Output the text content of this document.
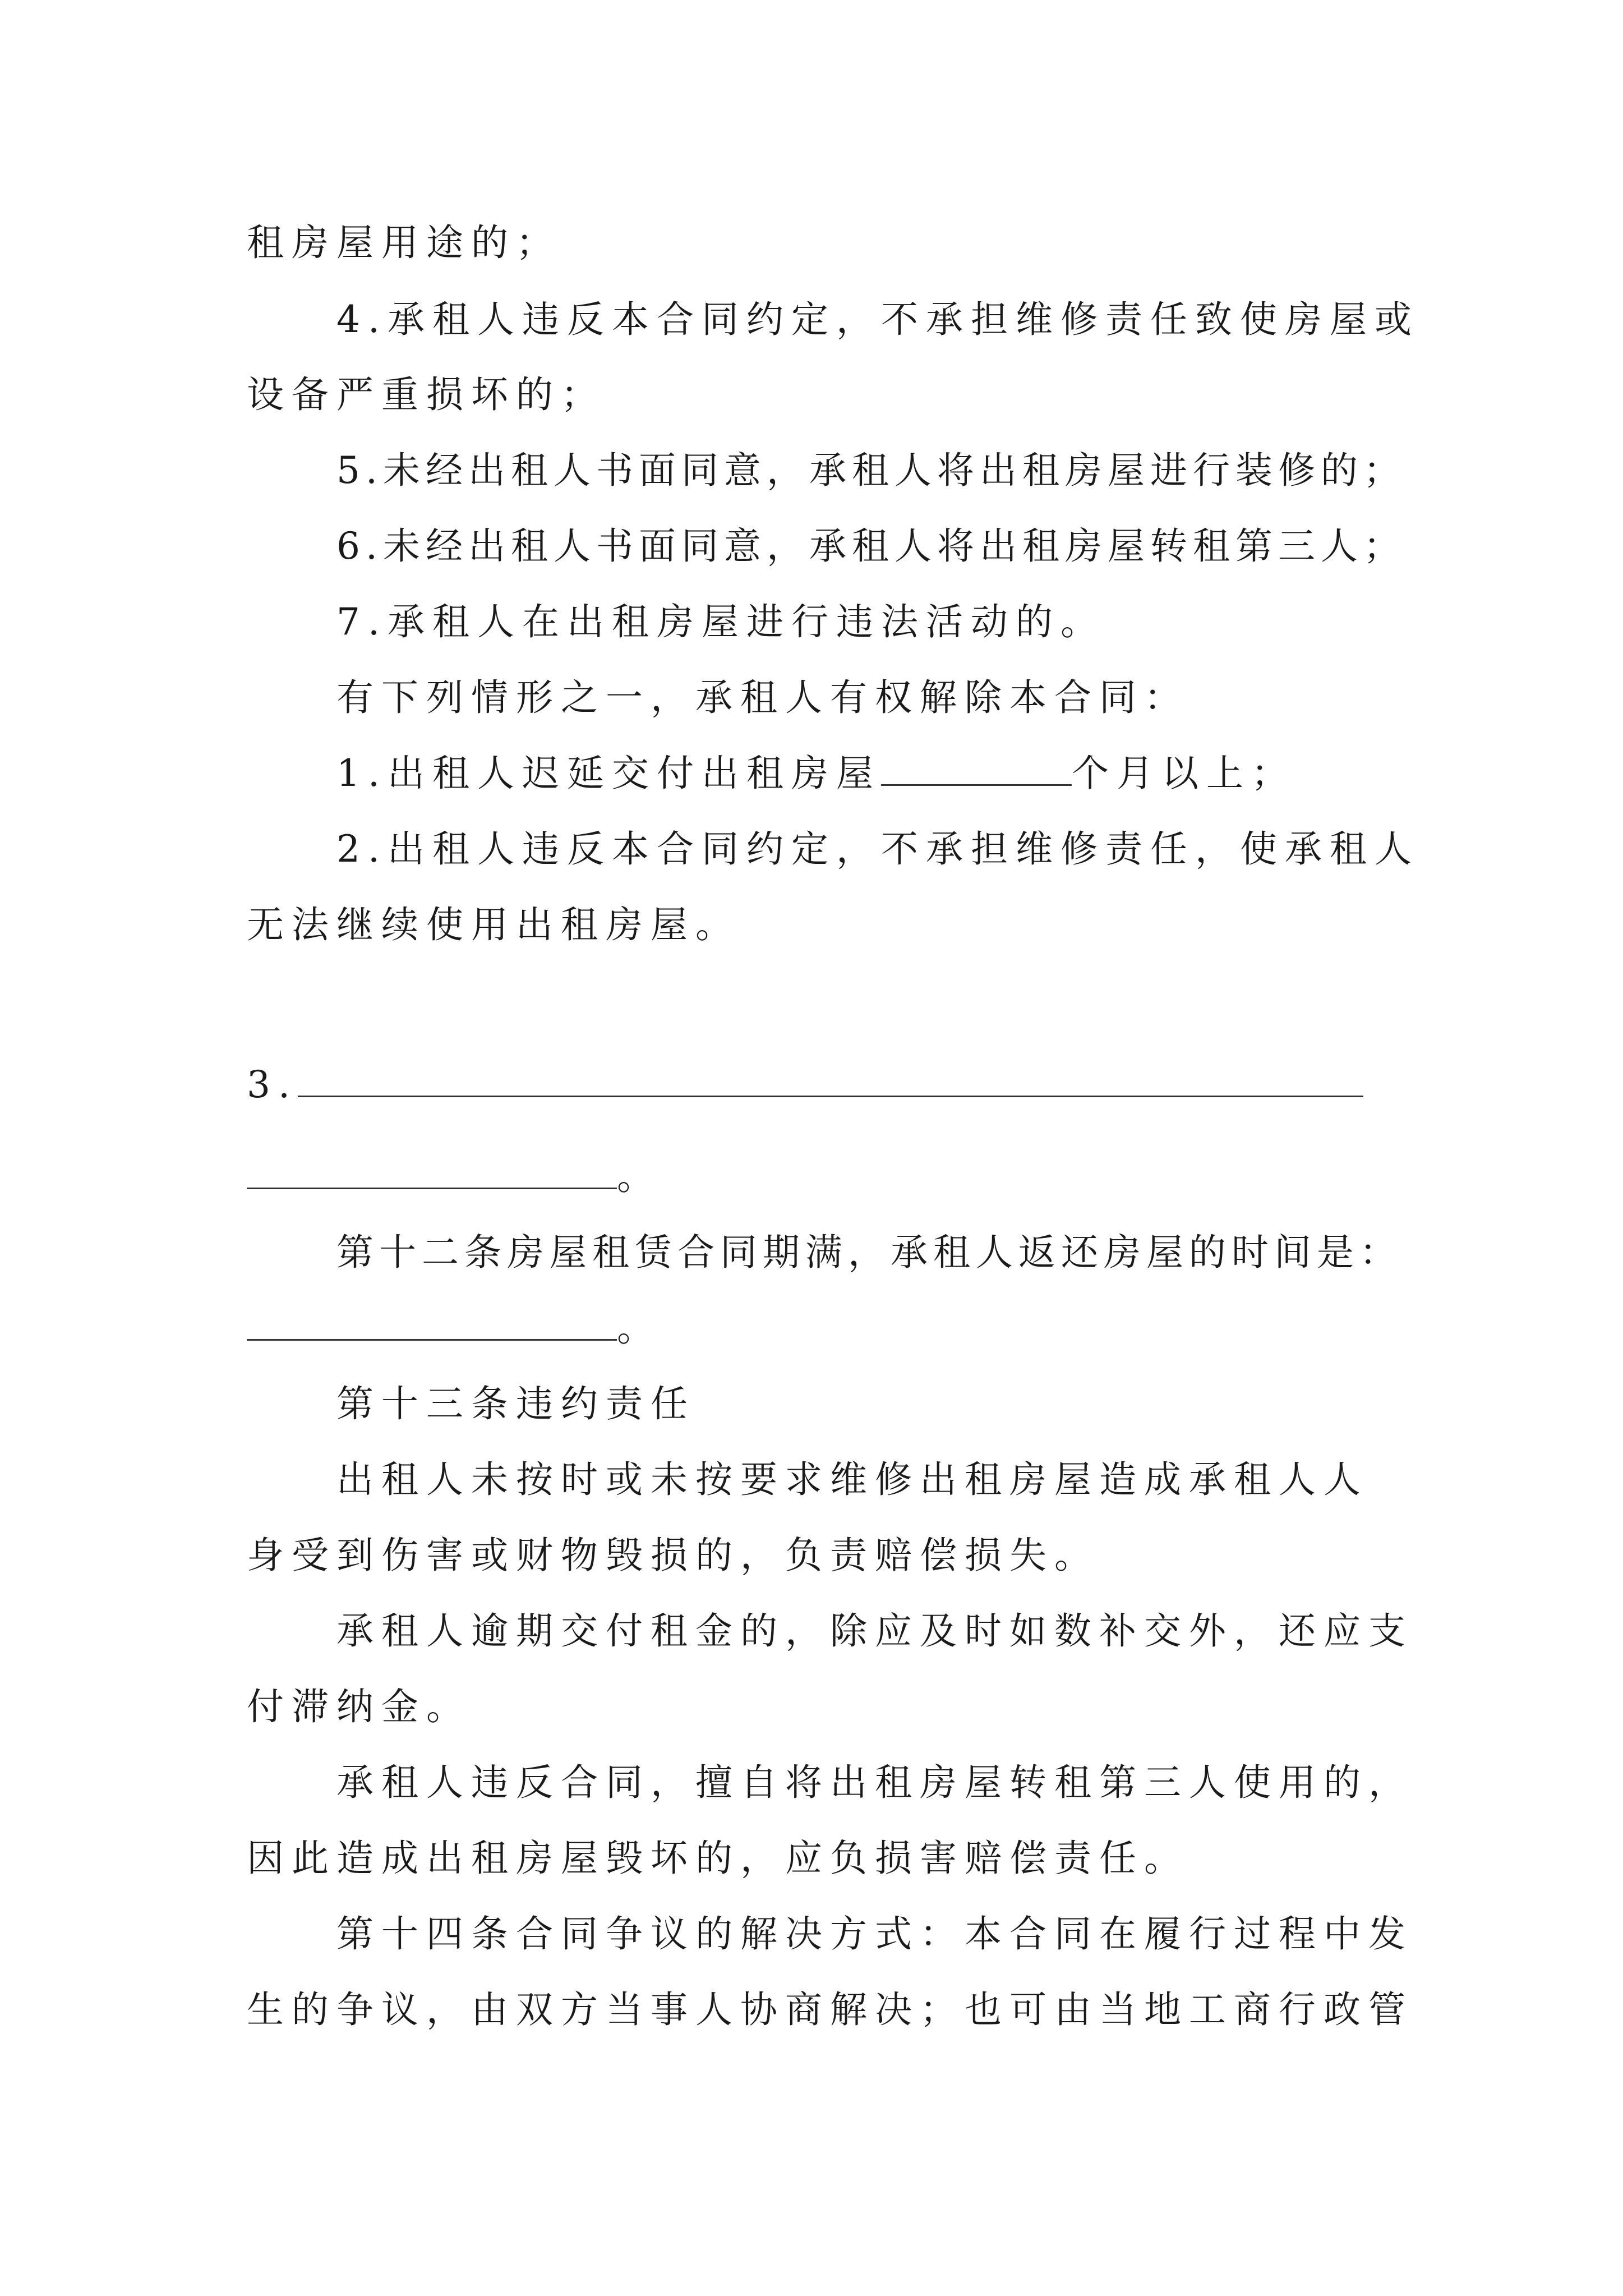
租房屋用途的；
4.承租人违反本合同约定，不承担维修责任致使房屋或
设备严重损坏的；
5.未经出租人书面同意，承租人将出租房屋进行装修的；
6.未经出租人书面同意，承租人将出租房屋转租第三人；
7.承租人在出租房屋进行违法活动的。
有下列情形之一，承租人有权解除本合同：
1.出租人迟延交付出租房屋	个月以上；
2.出租人违反本合同约定，不承担维修责任，使承租人
无法继续使用出租房屋。
3.
。
第十二条房屋租赁合同期满，承租人返还房屋的时间是：
。
第十三条违约责任
出租人未按时或未按要求维修出租房屋造成承租人人
身受到伤害或财物毁损的，负责赔偿损失。
承租人逾期交付租金的，除应及时如数补交外，还应支
付滞纳金。
承租人违反合同，擅自将出租房屋转租第三人使用的，
因此造成出租房屋毁坏的，应负损害赔偿责任。
第十四条合同争议的解决方式：本合同在履行过程中发
生的争议，由双方当事人协商解决；也可由当地工商行政管
